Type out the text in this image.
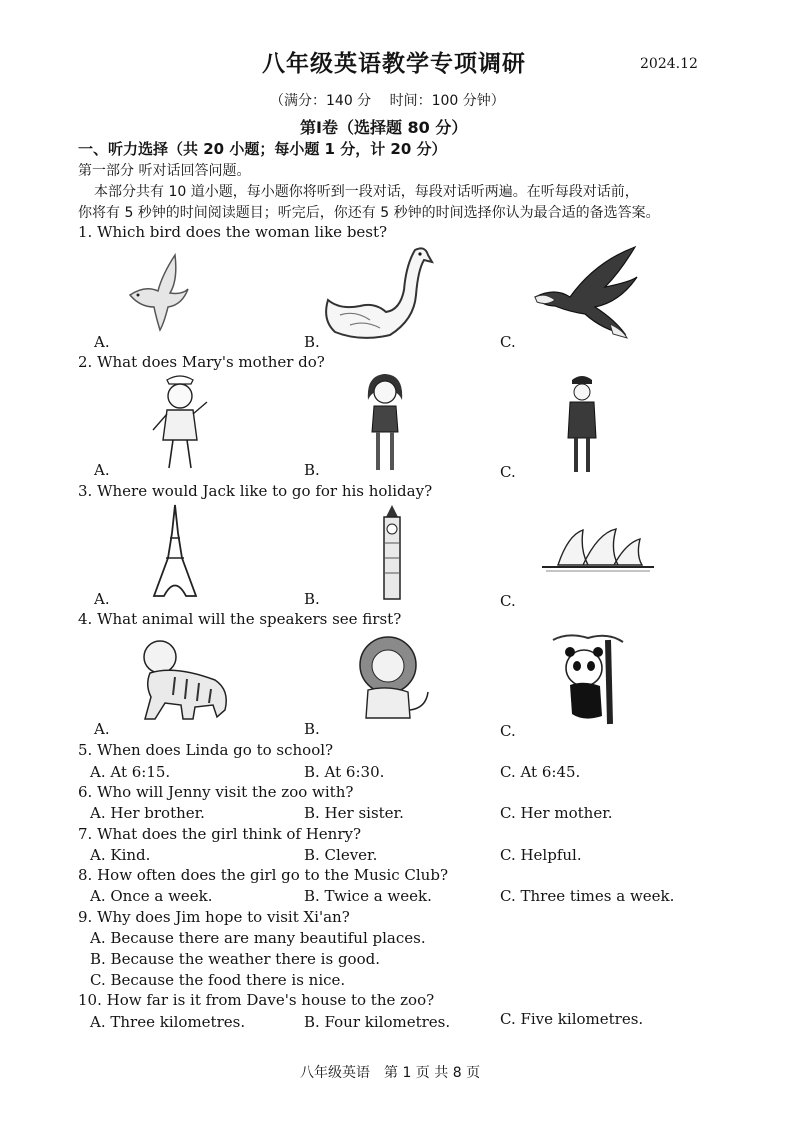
八年级英语教学专项调研	2024.12
（满分：140 分　 时间：100 分钟）
第Ⅰ卷（选择题 80 分）
一、听力选择（共 20 小题；每小题 1 分，计 20 分）
第一部分 听对话回答问题。
本部分共有 10 道小题，每小题你将听到一段对话，每段对话听两遍。在听每段对话前，
你将有 5 秒钟的时间阅读题目；听完后，你还有 5 秒钟的时间选择你认为最合适的备选答案。
1. Which bird does the woman like best?
A.	B.	C.
2. What does Mary's mother do?
A.	B.	C.
3. Where would Jack like to go for his holiday?
A.	B.	C.
4. What animal will the speakers see first?
A.	B.	C.
5. When does Linda go to school?
A. At 6:15.	B. At 6:30.	C. At 6:45.
6. Who will Jenny visit the zoo with?
A. Her brother.	B. Her sister.	C. Her mother.
7. What does the girl think of Henry?
A. Kind.	B. Clever.	C. Helpful.
8. How often does the girl go to the Music Club?
A. Once a week.	B. Twice a week.	C. Three times a week.
9. Why does Jim hope to visit Xi'an?
A. Because there are many beautiful places.
B. Because the weather there is good.
C. Because the food there is nice.
10. How far is it from Dave's house to the zoo?
A. Three kilometres.	B. Four kilometres.	C. Five kilometres.
八年级英语　第 1 页 共 8 页
